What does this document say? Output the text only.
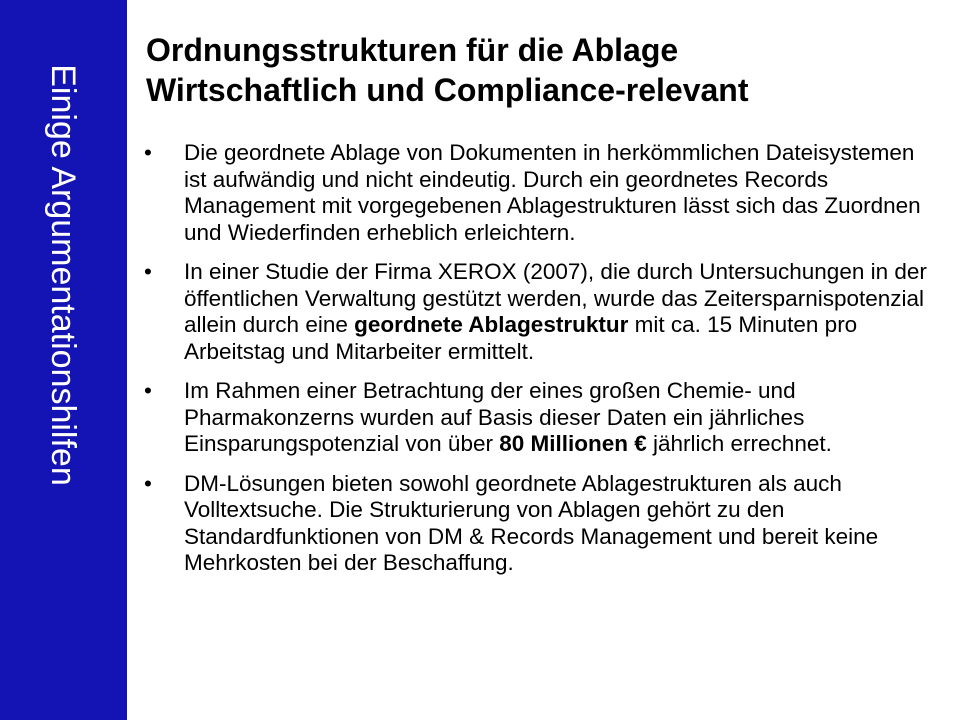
Einige Argumentationshilfen
Ordnungsstrukturen für die Ablage
Wirtschaftlich und Compliance-relevant
• Die geordnete Ablage von Dokumenten in herkömmlichen Dateisystemen ist aufwändig und nicht eindeutig. Durch ein geordnetes Records Management mit vorgegebenen Ablagestrukturen lässt sich das Zuordnen und Wiederfinden erheblich erleichtern.
• In einer Studie der Firma XEROX (2007), die durch Untersuchungen in der öffentlichen Verwaltung gestützt werden, wurde das Zeitersparnispotenzial allein durch eine geordnete Ablagestruktur mit ca. 15 Minuten pro Arbeitstag und Mitarbeiter ermittelt.
• Im Rahmen einer Betrachtung der eines großen Chemie- und Pharmakonzerns wurden auf Basis dieser Daten ein jährliches Einsparungspotenzial von über 80 Millionen € jährlich errechnet.
• DM-Lösungen bieten sowohl geordnete Ablagestrukturen als auch Volltextsuche. Die Strukturierung von Ablagen gehört zu den Standardfunktionen von DM & Records Management und bereit keine Mehrkosten bei der Beschaffung.
